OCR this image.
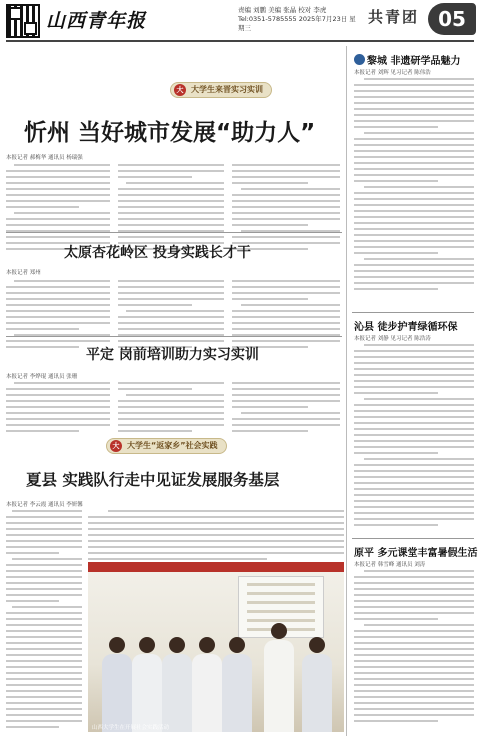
山西青年报	责编 刘鹏 美编 张晶 校对 李虎
Tel:0351-5785555 2025年7月23日 星期三
共青团 05
大 大学生来晋实习实训
忻州 当好城市发展“助力人”
本报记者 郝梅华 通讯员 杨瑞强
太原杏花岭区 投身实践长才干
本报记者 郑州
平定 岗前培训助力实习实训
本报记者 李烨琨 通讯员 张珊
大 大学生“返家乡”社会实践
夏县 实践队行走中见证发展服务基层
本报记者 李云霞 通讯员 李妍馨
山西大学生在开展社会实践活动
黎城 非遗研学品魅力
本报记者 刘辉 见习记者 陈伟浩
沁县 徒步护青绿循环保
本报记者 刘静 见习记者 陈浩涛
原平 多元课堂丰富暑假生活
本报记者 韩雪峰 通讯员 刘涛
